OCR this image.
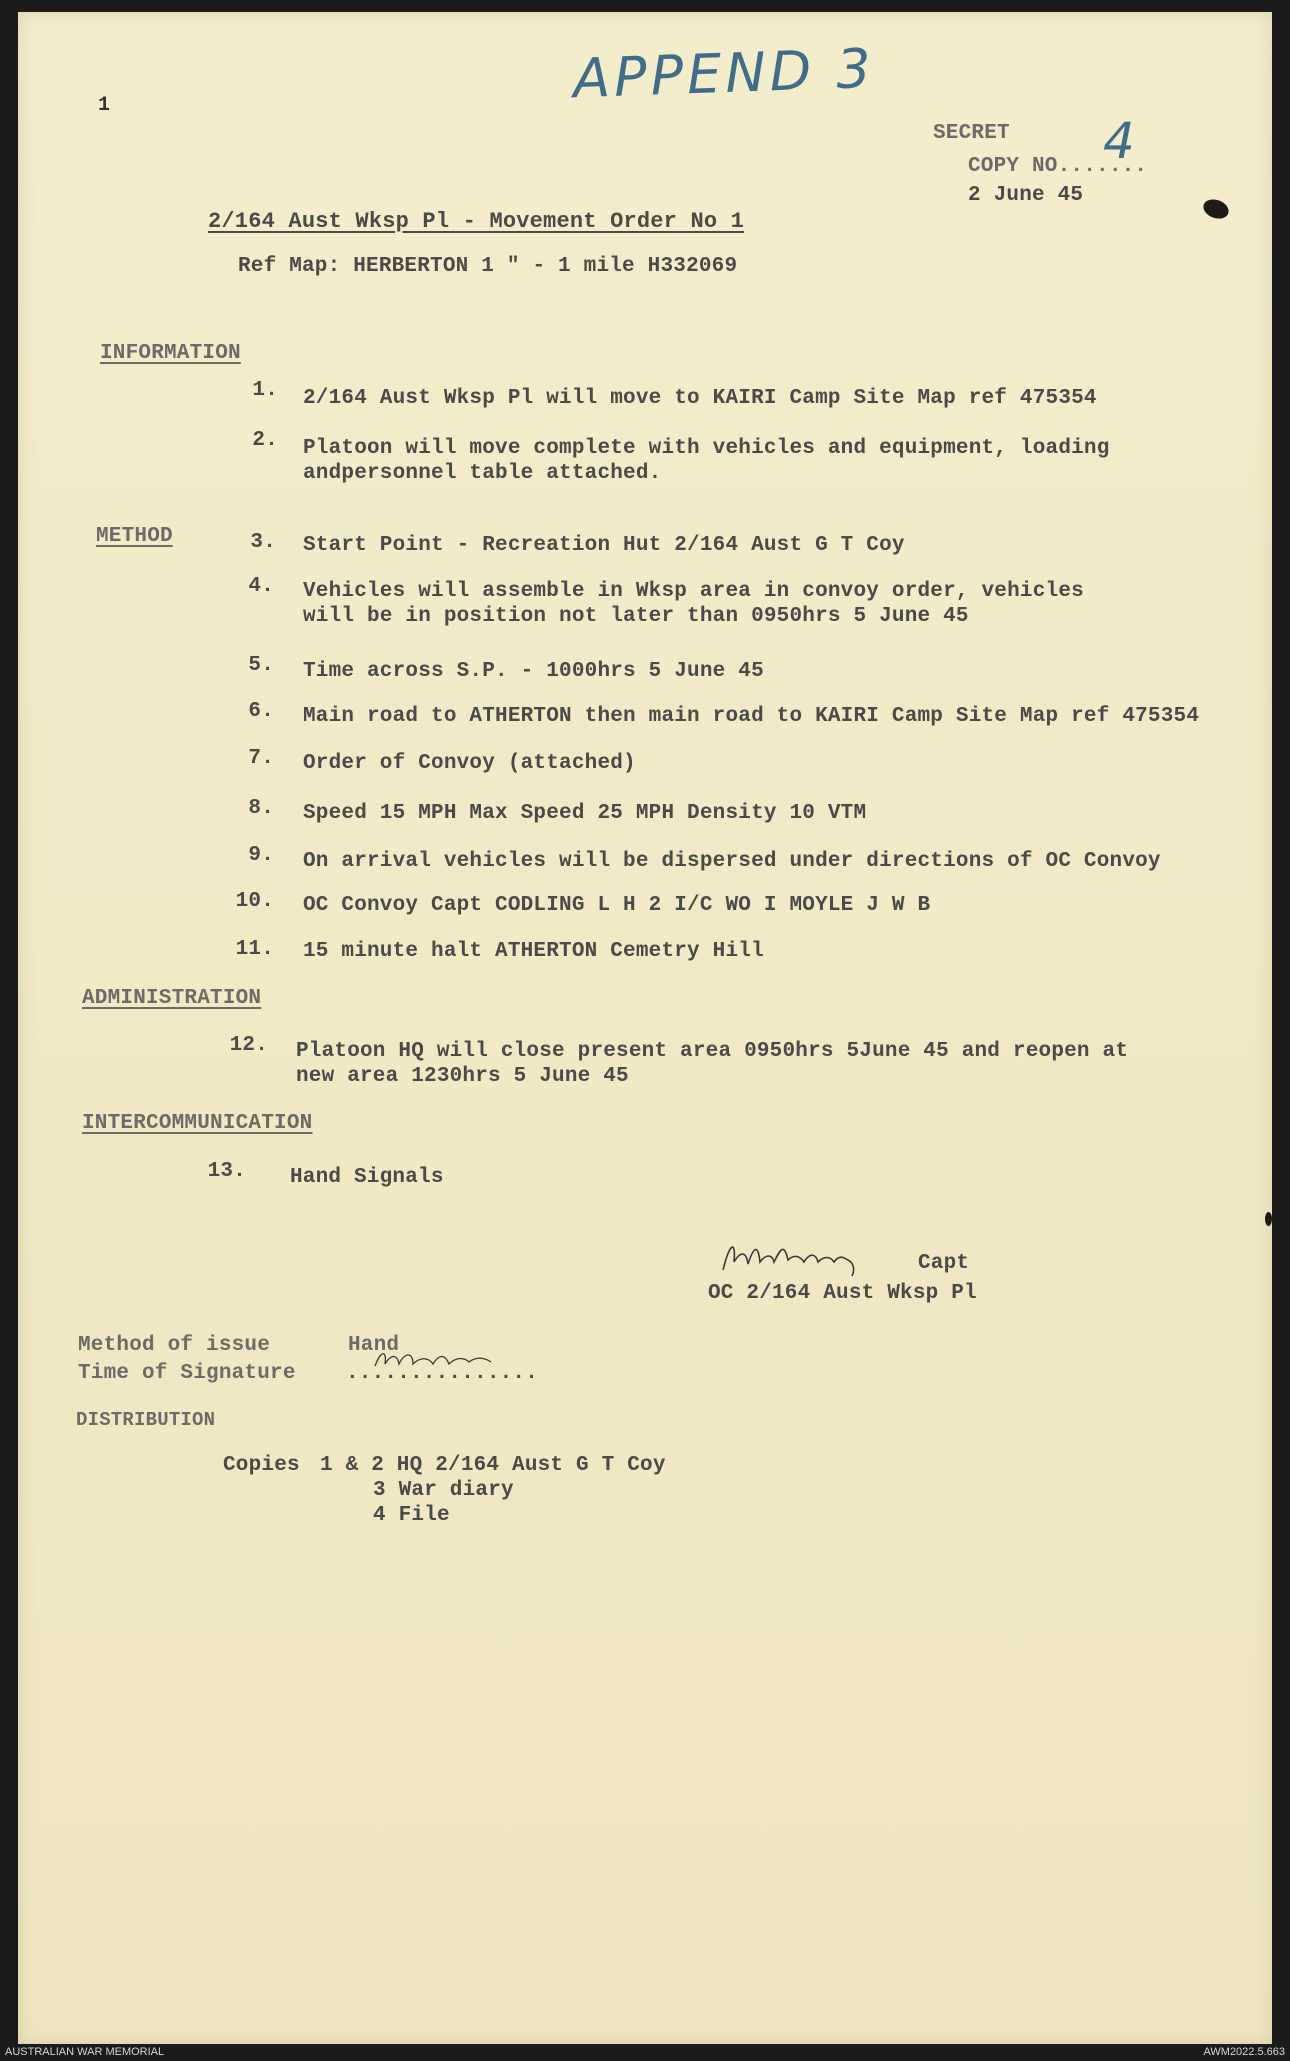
APPEND 3
4
1
SECRET
COPY NO.......
2 June 45
2/164 Aust Wksp Pl - Movement Order No 1
Ref Map: HERBERTON 1 " - 1 mile H332069
INFORMATION
1. 2/164 Aust Wksp Pl will move to KAIRI Camp Site Map ref 475354
2. Platoon will move complete with vehicles and equipment, loading
andpersonnel table attached.
METHOD	3. Start Point - Recreation Hut 2/164 Aust G T Coy
4. Vehicles will assemble in Wksp area in convoy order, vehicles
will be in position not later than 0950hrs 5 June 45
5. Time across S.P. - 1000hrs 5 June 45
6. Main road to ATHERTON then main road to KAIRI Camp Site Map ref 475354
7. Order of Convoy (attached)
8. Speed 15 MPH Max Speed 25 MPH Density 10 VTM
9. On arrival vehicles will be dispersed under directions of OC Convoy
10. OC Convoy Capt CODLING L H 2 I/C WO I MOYLE J W B
11. 15 minute halt ATHERTON Cemetry Hill
ADMINISTRATION
12. Platoon HQ will close present area 0950hrs 5June 45 and reopen at
new area 1230hrs 5 June 45
INTERCOMMUNICATION
13. Hand Signals
Capt
OC 2/164 Aust Wksp Pl
Method of issue	Hand
Time of Signature ...............
DISTRIBUTION
Copies 1 & 2 HQ 2/164 Aust G T Coy
3 War diary
4 File
AUSTRALIAN WAR MEMORIAL	AWM2022.5.663
